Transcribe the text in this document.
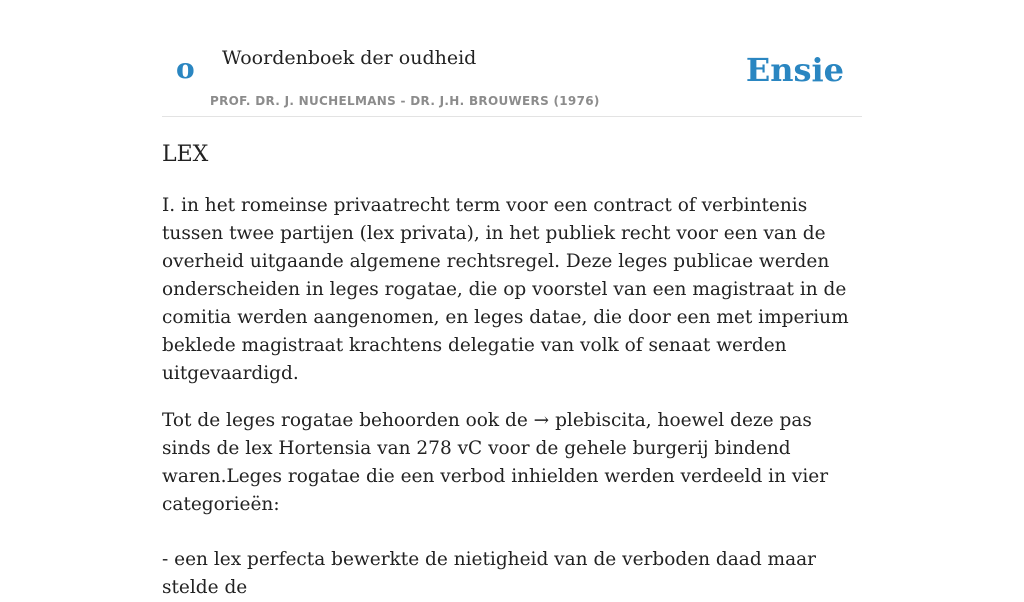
o Woordenboek der oudheid
PROF. DR. J. NUCHELMANS - DR. J.H. BROUWERS (1976)
Ensie
LEX

I. in het romeinse privaatrecht term voor een contract of verbintenis tussen twee partijen (lex privata), in het publiek recht voor een van de overheid uitgaande algemene rechtsregel. Deze leges publicae werden onderscheiden in leges rogatae, die op voorstel van een magistraat in de comitia werden aangenomen, en leges datae, die door een met imperium beklede magistraat krachtens delegatie van volk of senaat werden uitgevaardigd.

Tot de leges rogatae behoorden ook de → plebiscita, hoewel deze pas sinds de lex Hortensia van 278 vC voor de gehele burgerij bindend waren.Leges rogatae die een verbod inhielden werden verdeeld in vier categorieën:

- een lex perfecta bewerkte de nietigheid van de verboden daad maar stelde de
